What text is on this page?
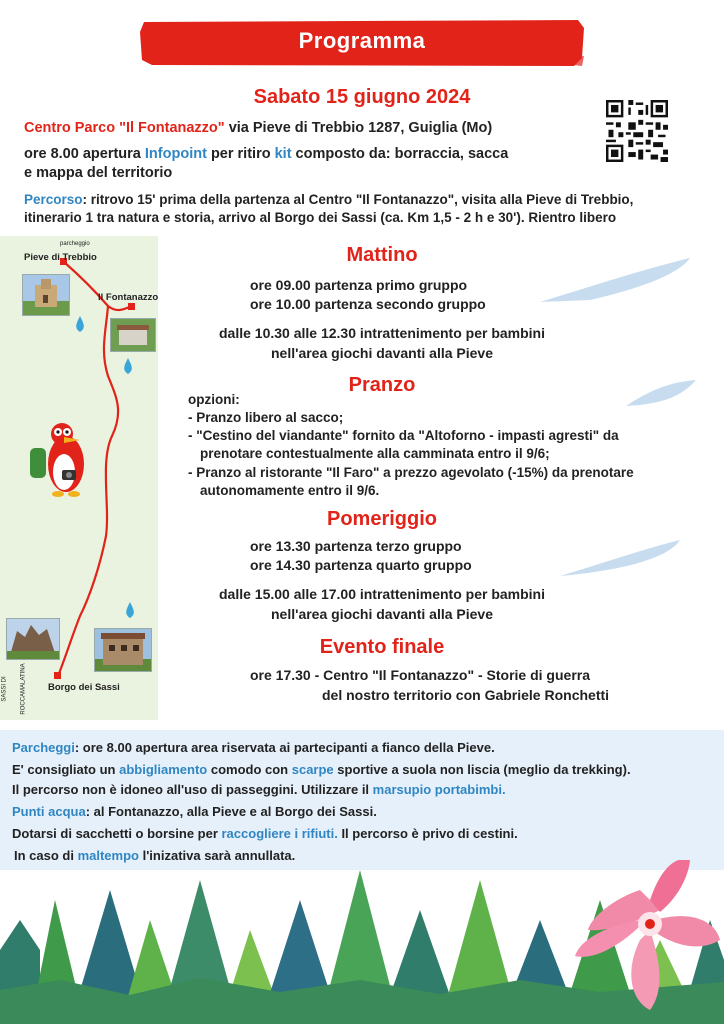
Programma
Sabato 15 giugno 2024
Centro Parco "Il Fontanazzo" via Pieve di Trebbio 1287, Guiglia (Mo)
ore 8.00 apertura Infopoint per ritiro kit composto da: borraccia, sacca
e mappa del territorio
Percorso: ritrovo 15' prima della partenza al Centro "Il Fontanazzo", visita alla Pieve di Trebbio,
itinerario 1 tra natura e storia, arrivo al Borgo dei Sassi (ca. Km 1,5 - 2 h e 30'). Rientro libero
parcheggio
Pieve di Trebbio
Il Fontanazzo
Borgo dei Sassi
SASSI DI ROCCAMALATINA
Mattino
ore 09.00 partenza primo gruppo
ore 10.00 partenza secondo gruppo
dalle 10.30 alle 12.30 intrattenimento per bambini
nell'area giochi davanti alla Pieve
Pranzo
opzioni:
- Pranzo libero al sacco;
- "Cestino del viandante" fornito da "Altoforno - impasti agresti" da
prenotare contestualmente alla camminata entro il 9/6;
- Pranzo al ristorante "Il Faro" a prezzo agevolato (-15%) da prenotare
autonomamente entro il 9/6.
Pomeriggio
ore 13.30 partenza terzo gruppo
ore 14.30 partenza quarto gruppo
dalle 15.00 alle 17.00 intrattenimento per bambini
nell'area giochi davanti alla Pieve
Evento finale
ore 17.30 - Centro "Il Fontanazzo" - Storie di guerra
del nostro territorio con Gabriele Ronchetti
Parcheggi: ore 8.00 apertura area riservata ai partecipanti a fianco della Pieve.
E' consigliato un abbigliamento comodo con scarpe sportive a suola non liscia (meglio da trekking).
Il percorso non è idoneo all'uso di passeggini. Utilizzare il marsupio portabimbi.
Punti acqua: al Fontanazzo, alla Pieve e al Borgo dei Sassi.
Dotarsi di sacchetti o borsine per raccogliere i rifiuti. Il percorso è privo di cestini.
In caso di maltempo l'inizativa sarà annullata.
